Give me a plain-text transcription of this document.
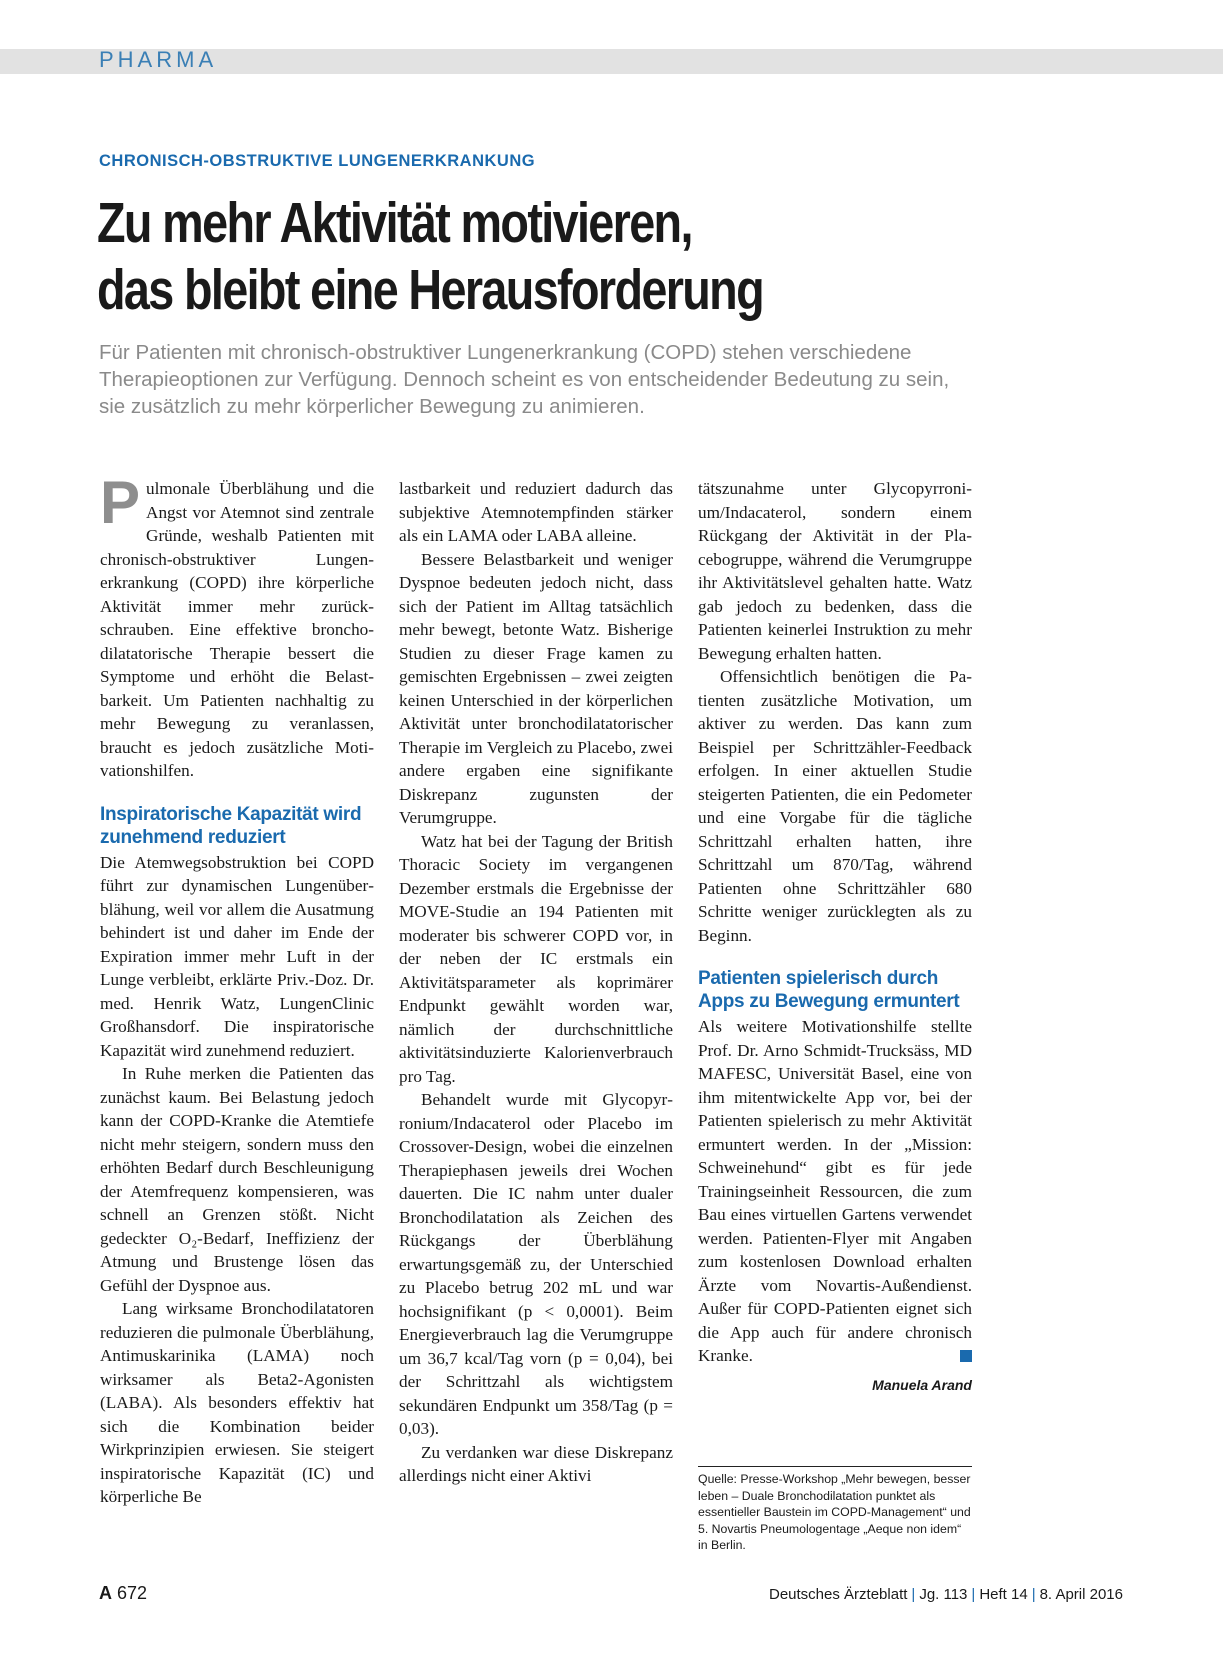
PHARMA
CHRONISCH-OBSTRUKTIVE LUNGENERKRANKUNG
Zu mehr Aktivität motivieren,
das bleibt eine Herausforderung
Für Patienten mit chronisch-obstruktiver Lungenerkrankung (COPD) stehen verschiedene Therapieoptionen zur Verfügung. Dennoch scheint es von entscheidender Bedeutung zu sein, sie zusätzlich zu mehr körperlicher Bewegung zu animieren.

Pulmonale Überblähung und die Angst vor Atemnot sind zentrale Gründe, weshalb Patienten mit chronisch-obstruktiver Lungenerkrankung (COPD) ihre körperliche Aktivität immer mehr zurückschrauben. Eine effektive bronchodilatatorische Therapie bessert die Symptome und erhöht die Belastbarkeit. Um Patienten nachhaltig zu mehr Bewegung zu veranlassen, braucht es jedoch zusätzliche Motivationshilfen.

Inspiratorische Kapazität wird zunehmend reduziert

Die Atemwegsobstruktion bei COPD führt zur dynamischen Lungenüberblähung, weil vor allem die Ausatmung behindert ist und daher im Ende der Expiration immer mehr Luft in der Lunge verbleibt, erklärte Priv.-Doz. Dr. med. Henrik Watz, LungenClinic Großhansdorf. Die inspiratorische Kapazität wird zunehmend reduziert.

In Ruhe merken die Patienten das zunächst kaum. Bei Belastung jedoch kann der COPD-Kranke die Atemtiefe nicht mehr steigern, sondern muss den erhöhten Bedarf durch Beschleunigung der Atemfrequenz kompensieren, was schnell an Grenzen stößt. Nicht gedeckter O₂-Bedarf, Ineffizienz der Atmung und Brustenge lösen das Gefühl der Dyspnoe aus.

Lang wirksame Bronchodilatatoren reduzieren die pulmonale Überblähung, Antimuskarinika (LAMA) noch wirksamer als Beta2-Agonisten (LABA). Als besonders effektiv hat sich die Kombination beider Wirkprinzipien erwiesen. Sie steigert inspiratorische Kapazität (IC) und körperliche Be

lastbarkeit und reduziert dadurch das subjektive Atemnotempfinden stärker als ein LAMA oder LABA alleine.

Bessere Belastbarkeit und weniger Dyspnoe bedeuten jedoch nicht, dass sich der Patient im Alltag tatsächlich mehr bewegt, betonte Watz. Bisherige Studien zu dieser Frage kamen zu gemischten Ergebnissen – zwei zeigten keinen Unterschied in der körperlichen Aktivität unter bronchodilatatorischer Therapie im Vergleich zu Placebo, zwei andere ergaben eine signifikante Diskrepanz zugunsten der Verumgruppe.

Watz hat bei der Tagung der British Thoracic Society im vergangenen Dezember erstmals die Ergebnisse der MOVE-Studie an 194 Patienten mit moderater bis schwerer COPD vor, in der neben der IC erstmals ein Aktivitätsparameter als koprimärer Endpunkt gewählt worden war, nämlich der durchschnittliche aktivitätsinduzierte Kalorienverbrauch pro Tag.

Behandelt wurde mit Glycopyrronium/Indacaterol oder Placebo im Crossover-Design, wobei die einzelnen Therapiephasen jeweils drei Wochen dauerten. Die IC nahm unter dualer Bronchodilatation als Zeichen des Rückgangs der Überblähung erwartungsgemäß zu, der Unterschied zu Placebo betrug 202 mL und war hochsignifikant (p < 0,0001). Beim Energieverbrauch lag die Verumgruppe um 36,7 kcal/Tag vorn (p = 0,04), bei der Schrittzahl als wichtigstem sekundären Endpunkt um 358/Tag (p = 0,03).

Zu verdanken war diese Diskrepanz allerdings nicht einer Aktivi

tätszunahme unter Glycopyrronium/Indacaterol, sondern einem Rückgang der Aktivität in der Placebogruppe, während die Verumgruppe ihr Aktivitätslevel gehalten hatte. Watz gab jedoch zu bedenken, dass die Patienten keinerlei Instruktion zu mehr Bewegung erhalten hatten.

Offensichtlich benötigen die Patienten zusätzliche Motivation, um aktiver zu werden. Das kann zum Beispiel per Schrittzähler-Feedback erfolgen. In einer aktuellen Studie steigerten Patienten, die ein Pedometer und eine Vorgabe für die tägliche Schrittzahl erhalten hatten, ihre Schrittzahl um 870/Tag, während Patienten ohne Schrittzähler 680 Schritte weniger zurücklegten als zu Beginn.

Patienten spielerisch durch Apps zu Bewegung ermuntert

Als weitere Motivationshilfe stellte Prof. Dr. Arno Schmidt-Trucksäss, MD MAFESC, Universität Basel, eine von ihm mitentwickelte App vor, bei der Patienten spielerisch zu mehr Aktivität ermuntert werden. In der „Mission: Schweinehund“ gibt es für jede Trainingseinheit Ressourcen, die zum Bau eines virtuellen Gartens verwendet werden. Patienten-Flyer mit Angaben zum kostenlosen Download erhalten Ärzte vom Novartis-Außendienst. Außer für COPD-Patienten eignet sich die App auch für andere chronisch Kranke.

Manuela Arand
Quelle: Presse-Workshop „Mehr bewegen, besser leben – Duale Bronchodilatation punktet als essentieller Baustein im COPD-Management“ und 5. Novartis Pneumologentage „Aeque non idem“ in Berlin.
A 672	Deutsches Ärzteblatt | Jg. 113 | Heft 14 | 8. April 2016
